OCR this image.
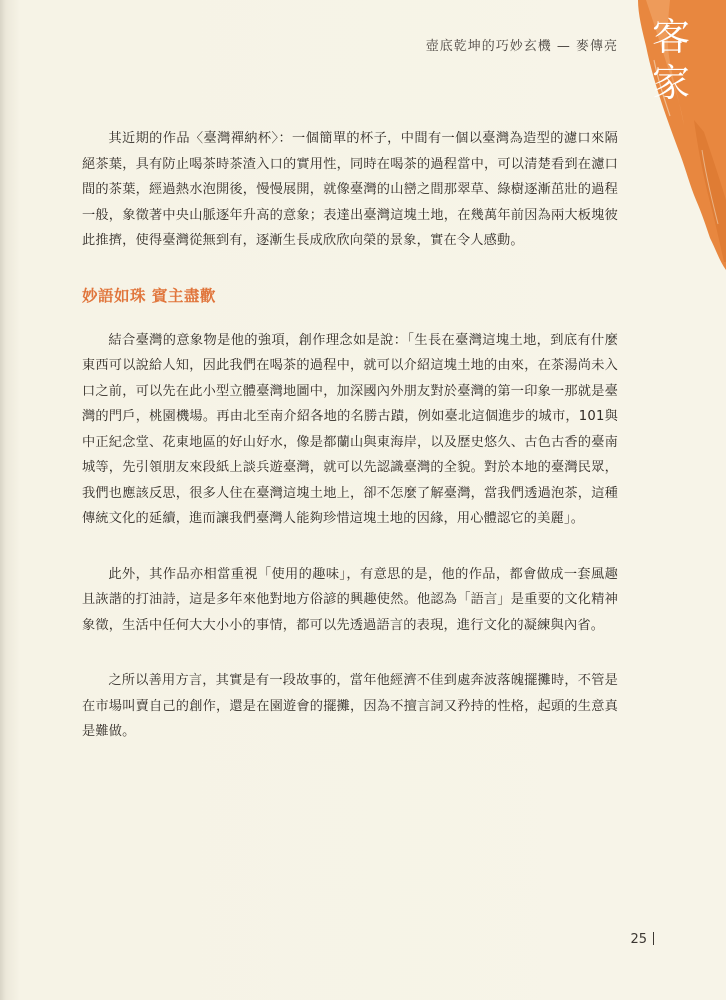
壺底乾坤的巧妙玄機 — 麥傳亮 客家

其近期的作品〈臺灣禪納杯〉：一個簡單的杯子，中間有一個以臺灣為造型的濾口來隔絕茶葉，具有防止喝茶時茶渣入口的實用性，同時在喝茶的過程當中，可以清楚看到在濾口間的茶葉，經過熱水泡開後，慢慢展開，就像臺灣的山巒之間那翠草、綠樹逐漸茁壯的過程一般，象徵著中央山脈逐年升高的意象；表達出臺灣這塊土地，在幾萬年前因為兩大板塊彼此推擠，使得臺灣從無到有，逐漸生長成欣欣向榮的景象，實在令人感動。

妙語如珠 賓主盡歡

結合臺灣的意象物是他的強項，創作理念如是說：「生長在臺灣這塊土地，到底有什麼東西可以說給人知，因此我們在喝茶的過程中，就可以介紹這塊土地的由來，在茶湯尚未入口之前，可以先在此小型立體臺灣地圖中，加深國內外朋友對於臺灣的第一印象一那就是臺灣的門戶，桃園機場。再由北至南介紹各地的名勝古蹟，例如臺北這個進步的城市，101與中正紀念堂、花東地區的好山好水，像是都蘭山與東海岸，以及歷史悠久、古色古香的臺南城等，先引領朋友來段紙上談兵遊臺灣，就可以先認識臺灣的全貌。對於本地的臺灣民眾，我們也應該反思，很多人住在臺灣這塊土地上，卻不怎麼了解臺灣，當我們透過泡茶，這種傳統文化的延續，進而讓我們臺灣人能夠珍惜這塊土地的因緣，用心體認它的美麗」。

此外，其作品亦相當重視「使用的趣味」，有意思的是，他的作品，都會做成一套風趣且詼諧的打油詩，這是多年來他對地方俗諺的興趣使然。他認為「語言」是重要的文化精神象徵，生活中任何大大小小的事情，都可以先透過語言的表現，進行文化的凝練與內省。

之所以善用方言，其實是有一段故事的，當年他經濟不佳到處奔波落魄擺攤時，不管是在市場叫賣自己的創作，還是在園遊會的擺攤，因為不擅言詞又矜持的性格，起頭的生意真是難做。

25
